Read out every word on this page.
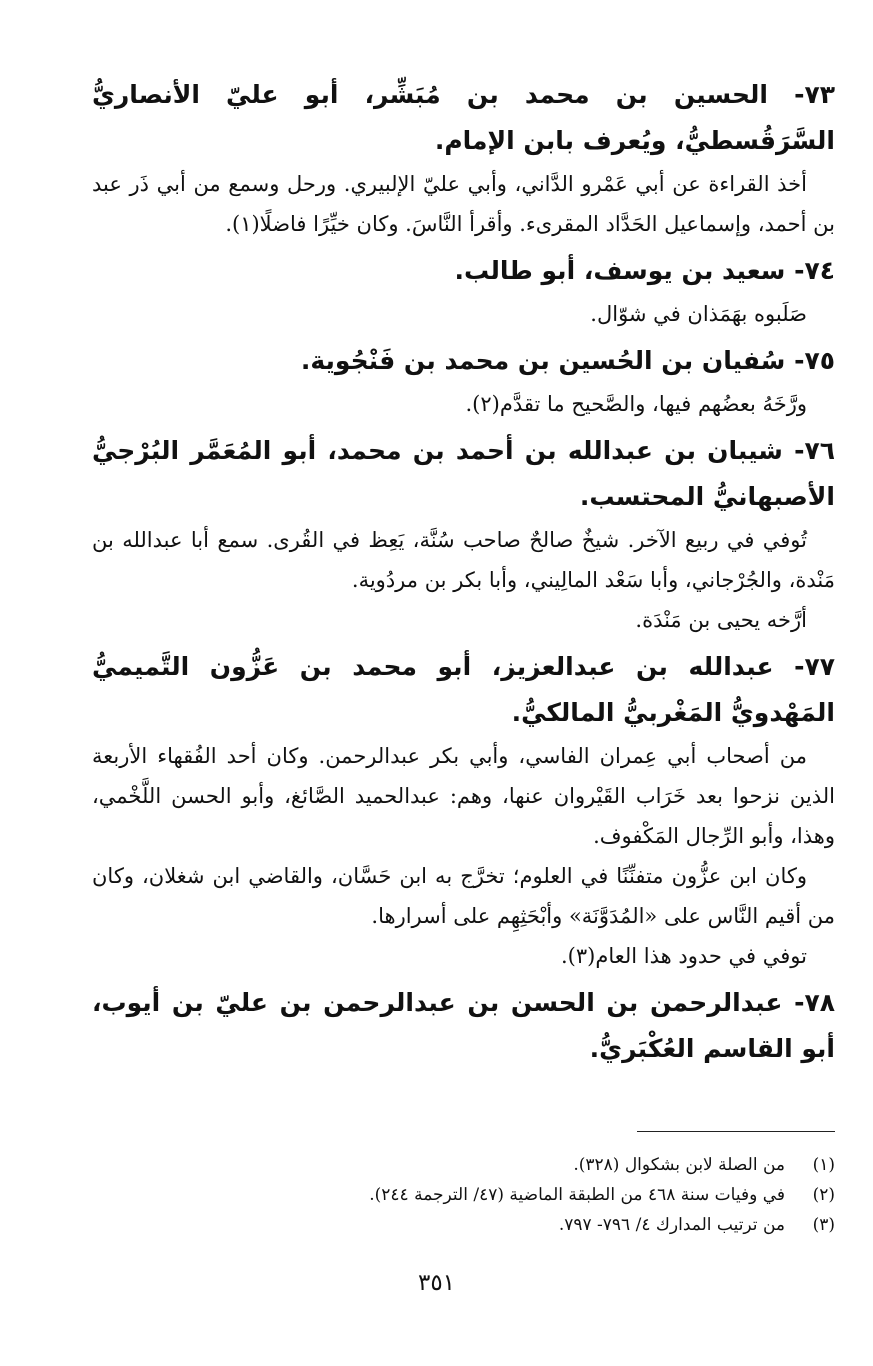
٧٣- الحسين بن محمد بن مُبَشِّر، أبو عليّ الأنصاريُّ السَّرَقُسطيُّ، ويُعرف بابن الإمام.

أخذ القراءة عن أبي عَمْرو الدَّاني، وأبي عليّ الإلبيري. ورحل وسمع من أبي ذَر عبد بن أحمد، وإسماعيل الحَدَّاد المقرىء. وأقرأ النَّاسَ. وكان خيِّرًا فاضلًا(١).

٧٤- سعيد بن يوسف، أبو طالب.

صَلَبوه بهَمَذان في شوّال.

٧٥- سُفيان بن الحُسين بن محمد بن فَنْجُوية.

ورَّخَهُ بعضُهم فيها، والصَّحيح ما تقدَّم(٢).

٧٦- شيبان بن عبدالله بن أحمد بن محمد، أبو المُعَمَّر البُرْجيُّ الأصبهانيُّ المحتسب.

تُوفي في ربيع الآخر. شيخٌ صالحٌ صاحب سُنَّة، يَعِظ في القُرى. سمع أبا عبدالله بن مَنْدة، والجُرْجاني، وأبا سَعْد المالِيني، وأبا بكر بن مردُوية.

أرَّخه يحيى بن مَنْدَة.

٧٧- عبدالله بن عبدالعزيز، أبو محمد بن عَزُّون التَّميميُّ المَهْدويُّ المَغْربيُّ المالكيُّ.

من أصحاب أبي عِمران الفاسي، وأبي بكر عبدالرحمن. وكان أحد الفُقهاء الأربعة الذين نزحوا بعد خَرَاب القَيْروان عنها، وهم: عبدالحميد الصَّائغ، وأبو الحسن اللَّخْمي، وهذا، وأبو الرِّجال المَكْفوف.

وكان ابن عزُّون متفنِّنًا في العلوم؛ تخرَّج به ابن حَسَّان، والقاضي ابن شغلان، وكان من أقيم النَّاس على «المُدَوَّنَة» وأبْحَثِهِم على أسرارها.

توفي في حدود هذا العام(٣).

٧٨- عبدالرحمن بن الحسن بن عبدالرحمن بن عليّ بن أيوب، أبو القاسم العُكْبَريُّ.

(١)
من الصلة لابن بشكوال (٣٢٨).
(٢)
في وفيات سنة ٤٦٨ من الطبقة الماضية (٤٧/ الترجمة ٢٤٤).
(٣)
من ترتيب المدارك ٤/ ٧٩٦- ٧٩٧.
٣٥١
